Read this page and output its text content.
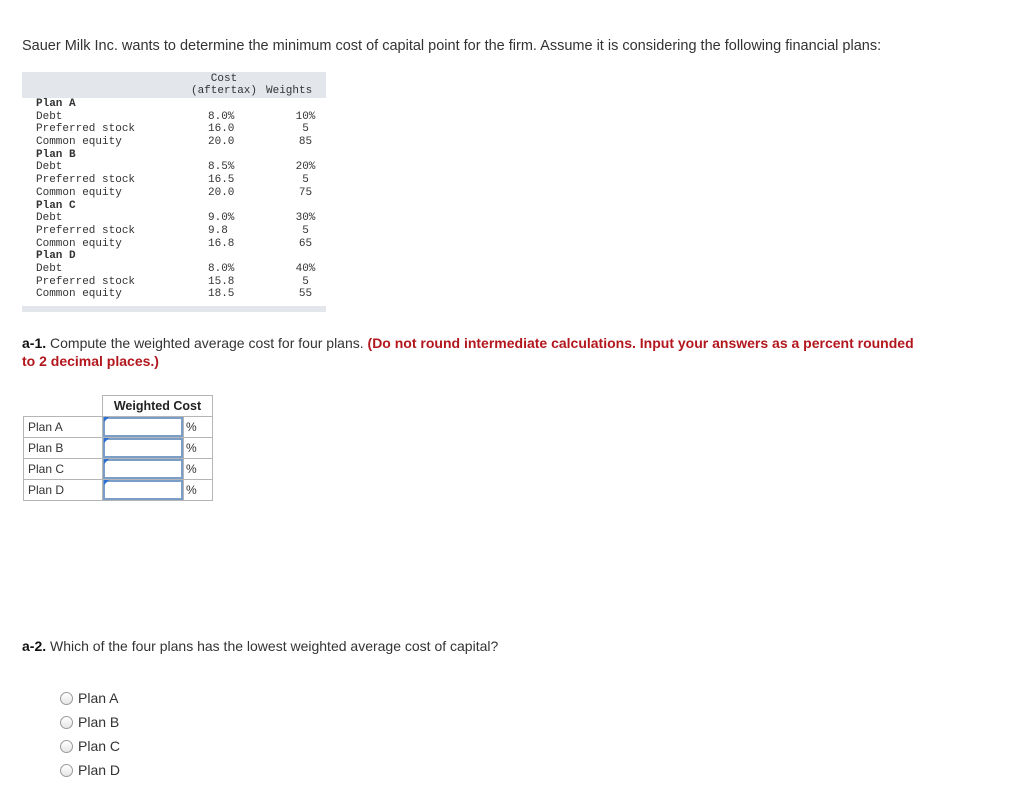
Sauer Milk Inc. wants to determine the minimum cost of capital point for the firm. Assume it is considering the following financial plans:

Cost
(aftertax) Weights
Plan A
Debt	8.0%	10%
Preferred stock	16.0	5
Common equity	20.0	85
Plan B
Debt	8.5%	20%
Preferred stock	16.5	5
Common equity	20.0	75
Plan C
Debt	9.0%	30%
Preferred stock	9.8	5
Common equity	16.8	65
Plan D
Debt	8.0%	40%
Preferred stock	15.8	5
Common equity	18.5	55

a-1. Compute the weighted average cost for four plans. (Do not round intermediate calculations. Input your answers as a percent rounded to 2 decimal places.)

	Weighted Cost	
Plan A		%
Plan B		%
Plan C		%
Plan D		%

a-2. Which of the four plans has the lowest weighted average cost of capital?

Plan A
Plan B
Plan C
Plan D
